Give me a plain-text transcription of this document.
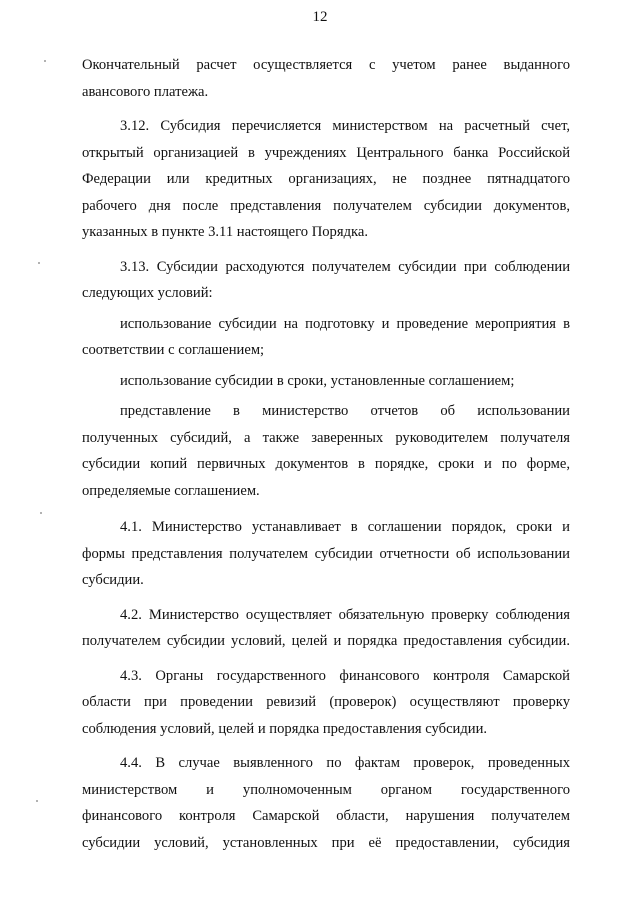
12

Окончательный расчет осуществляется с учетом ранее выданного
авансового платежа.

3.12. Субсидия перечисляется министерством на расчетный счет,
открытый организацией в учреждениях Центрального банка Российской
Федерации или кредитных организациях, не позднее пятнадцатого
рабочего дня после представления получателем субсидии документов,
указанных в пункте 3.11 настоящего Порядка.

3.13. Субсидии расходуются получателем субсидии при соблюдении
следующих условий:

использование субсидии на подготовку и проведение мероприятия в
соответствии с соглашением;

использование субсидии в сроки, установленные соглашением;

представление в министерство отчетов об использовании
полученных субсидий, а также заверенных руководителем получателя
субсидии копий первичных документов в порядке, сроки и по форме,
определяемые соглашением.

4.1. Министерство устанавливает в соглашении порядок, сроки и
формы представления получателем субсидии отчетности об использовании
субсидии.

4.2. Министерство осуществляет обязательную проверку соблюдения
получателем субсидии условий, целей и порядка предоставления субсидии.

4.3. Органы государственного финансового контроля Самарской
области при проведении ревизий (проверок) осуществляют проверку
соблюдения условий, целей и порядка предоставления субсидии.

4.4. В случае выявленного по фактам проверок, проведенных
министерством и уполномоченным органом государственного
финансового контроля Самарской области, нарушения получателем
субсидии условий, установленных при её предоставлении, субсидия
